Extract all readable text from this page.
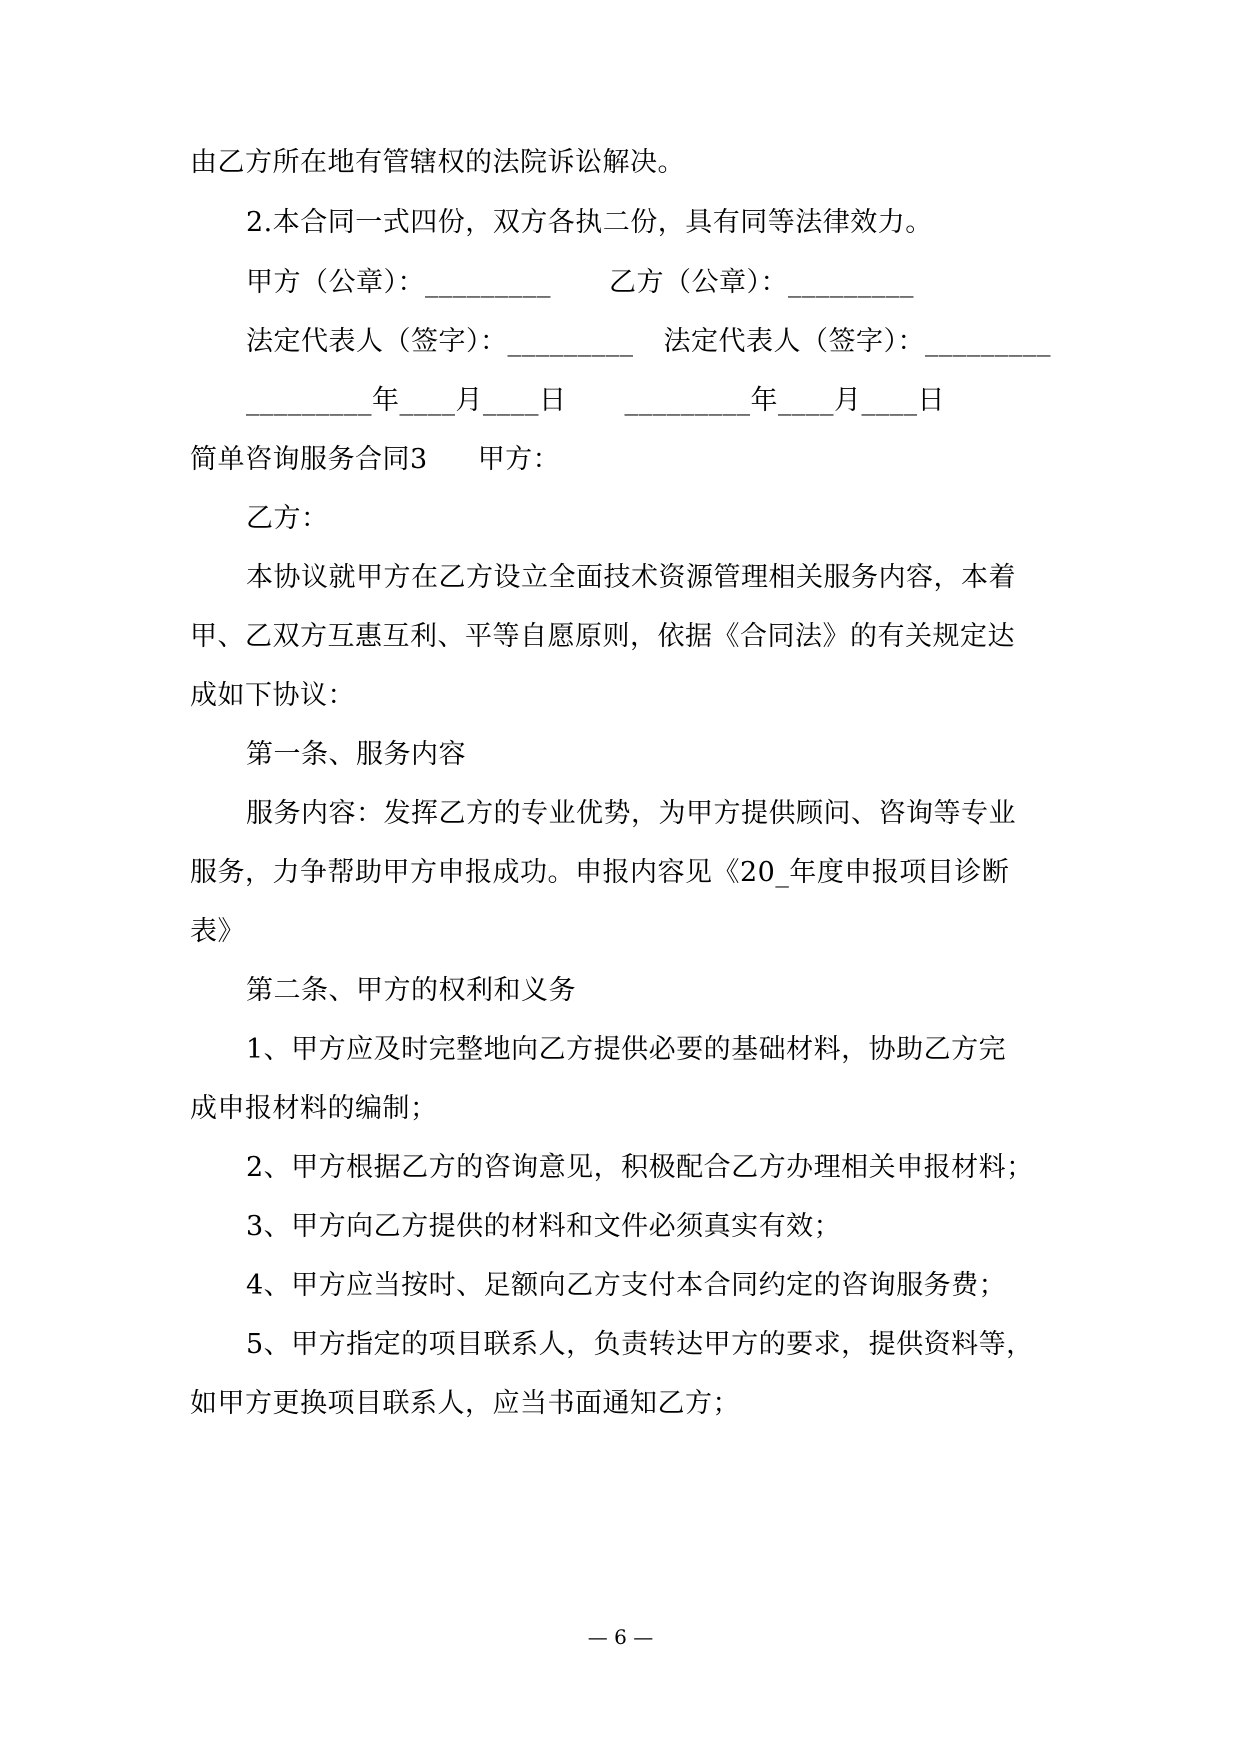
由乙方所在地有管辖权的法院诉讼解决。
2.本合同一式四份，双方各执二份，具有同等法律效力。
甲方（公章）：_________ 乙方（公章）：_________
法定代表人（签字）：_________ 法定代表人（签字）：_________
_________年____月____日 _________年____月____日
简单咨询服务合同3 甲方：
乙方：
本协议就甲方在乙方设立全面技术资源管理相关服务内容，本着
甲、乙双方互惠互利、平等自愿原则，依据《合同法》的有关规定达
成如下协议：
第一条、服务内容
服务内容：发挥乙方的专业优势，为甲方提供顾问、咨询等专业
服务，力争帮助甲方申报成功。申报内容见《20_年度申报项目诊断
表》
第二条、甲方的权利和义务
1、甲方应及时完整地向乙方提供必要的基础材料，协助乙方完
成申报材料的编制；
2、甲方根据乙方的咨询意见，积极配合乙方办理相关申报材料；
3、甲方向乙方提供的材料和文件必须真实有效；
4、甲方应当按时、足额向乙方支付本合同约定的咨询服务费；
5、甲方指定的项目联系人，负责转达甲方的要求，提供资料等，
如甲方更换项目联系人，应当书面通知乙方；
— 6 —
